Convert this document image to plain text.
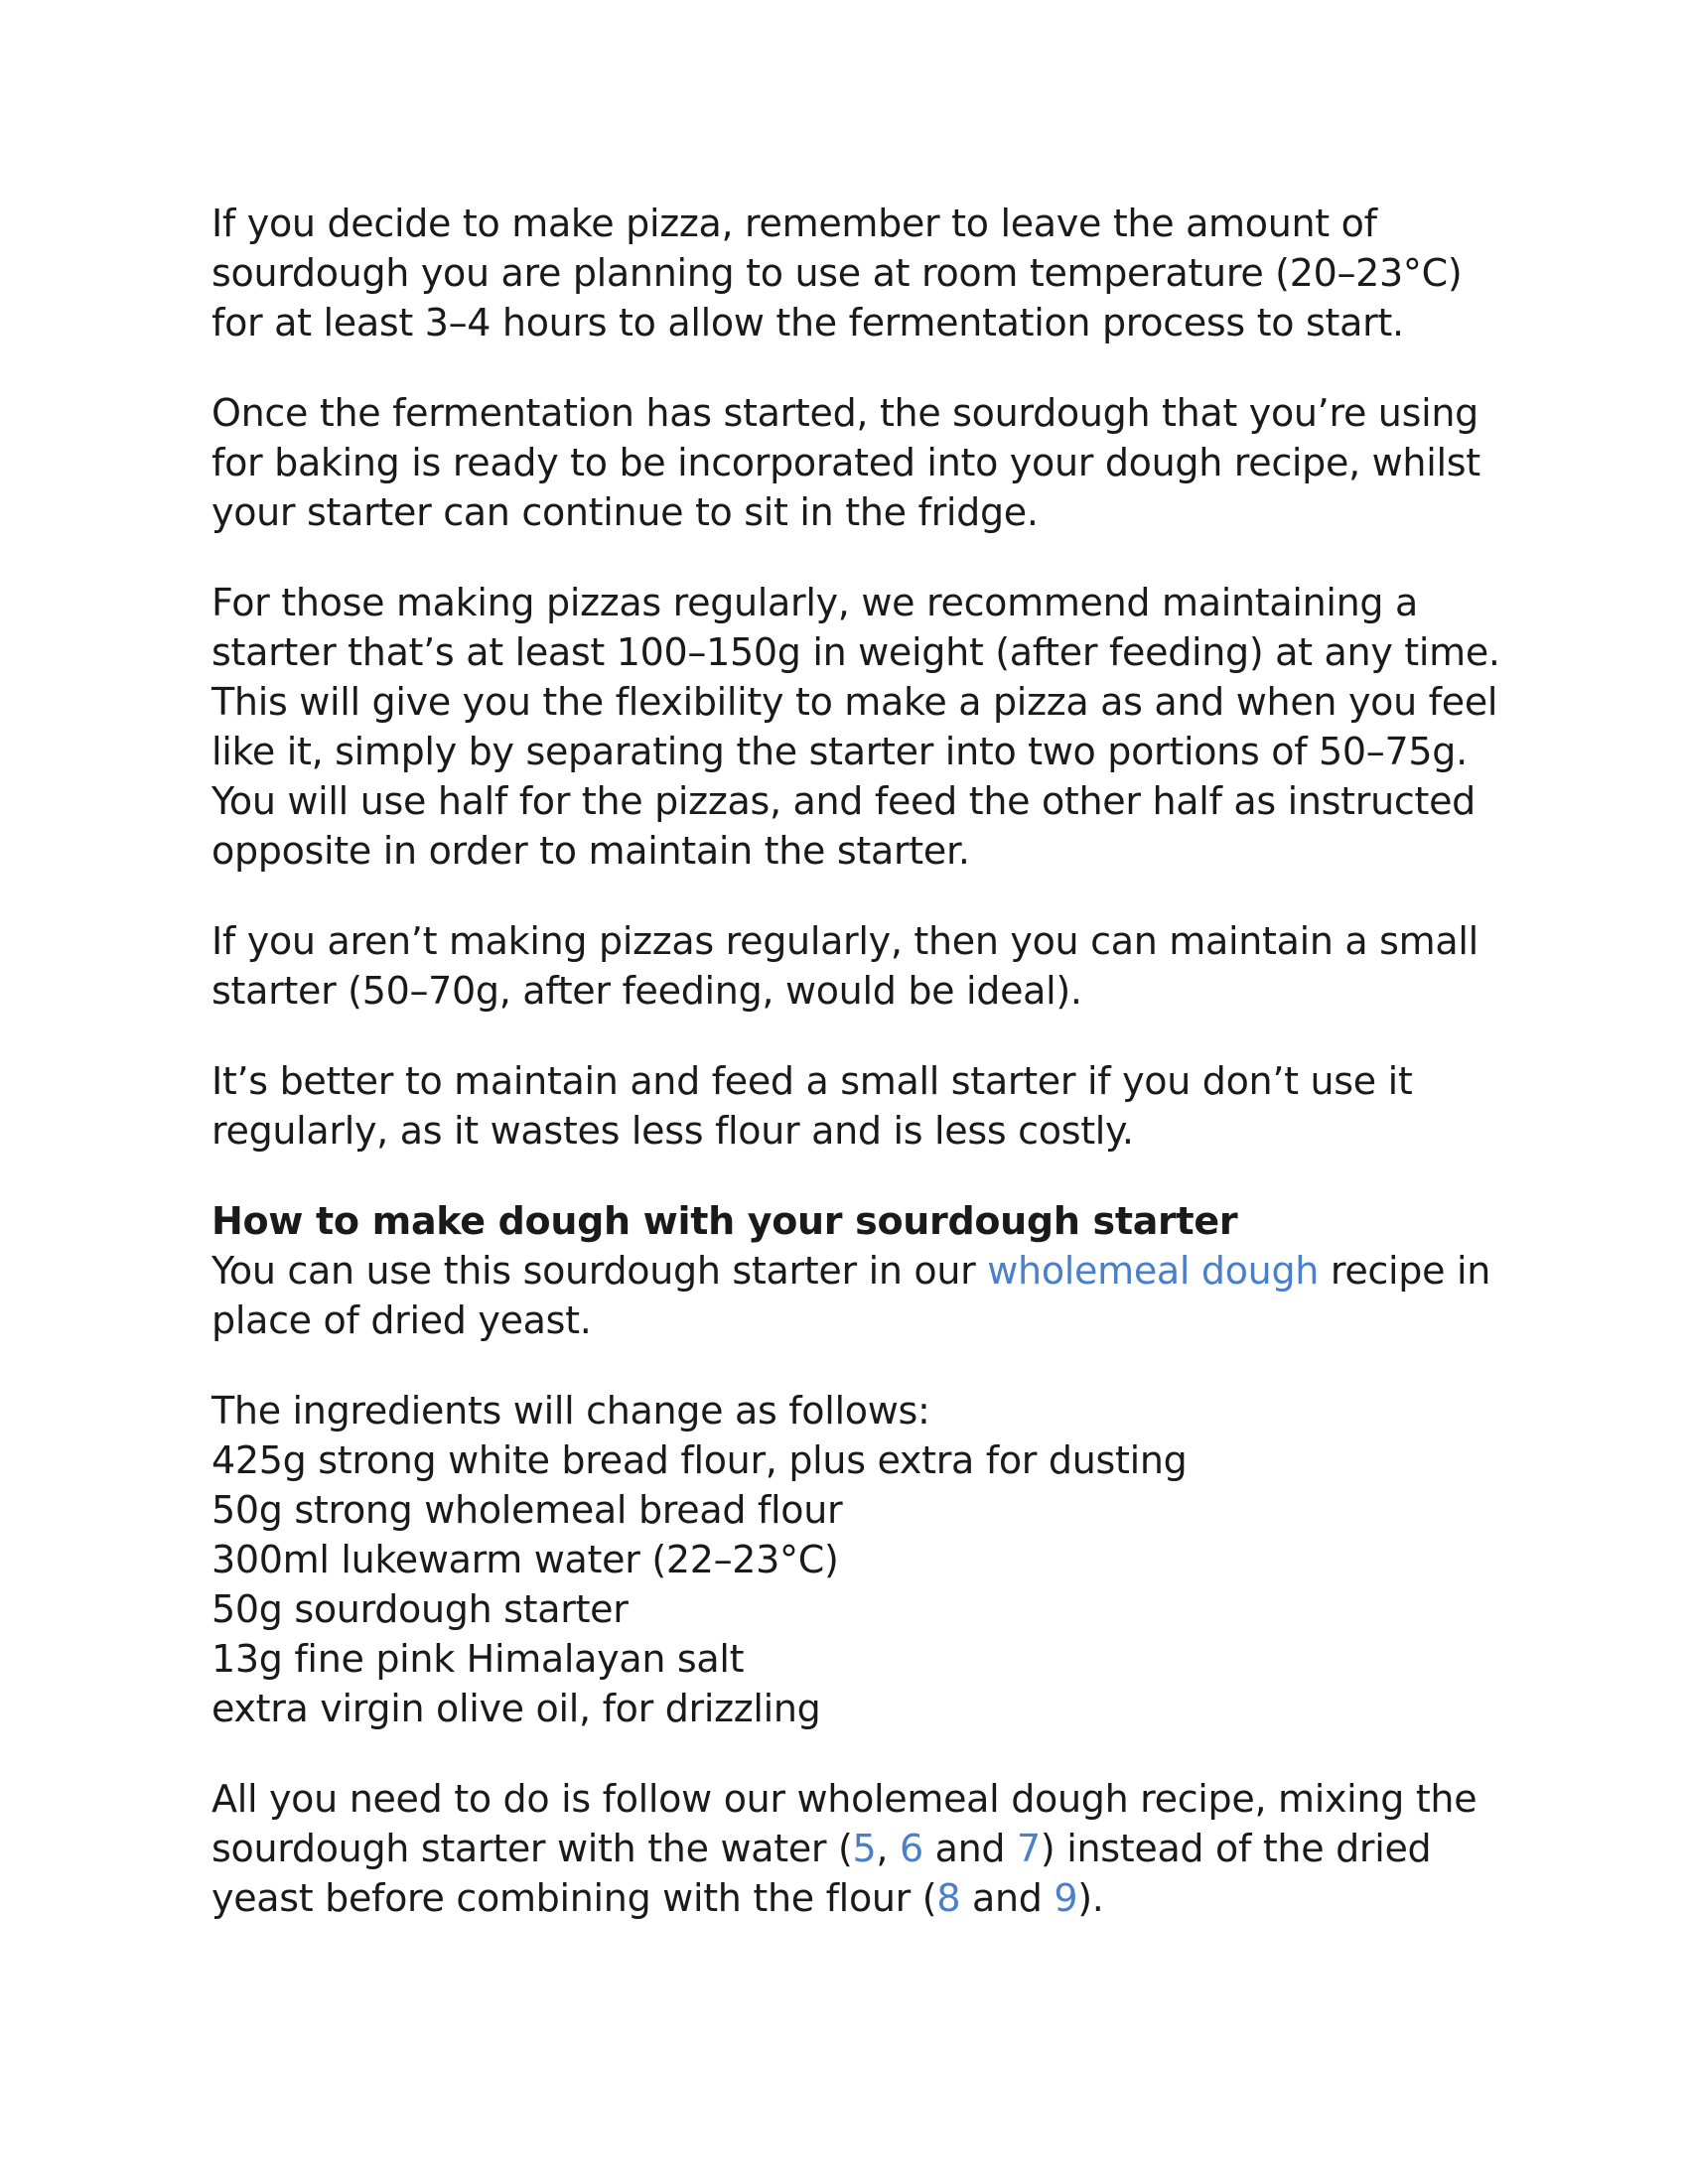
If you decide to make pizza, remember to leave the amount of sourdough you are planning to use at room temperature (20–23°C) for at least 3–4 hours to allow the fermentation process to start.

Once the fermentation has started, the sourdough that you’re using for baking is ready to be incorporated into your dough recipe, whilst your starter can continue to sit in the fridge.

For those making pizzas regularly, we recommend maintaining a starter that’s at least 100–150g in weight (after feeding) at any time. This will give you the flexibility to make a pizza as and when you feel like it, simply by separating the starter into two portions of 50–75g. You will use half for the pizzas, and feed the other half as instructed opposite in order to maintain the starter.

If you aren’t making pizzas regularly, then you can maintain a small starter (50–70g, after feeding, would be ideal).

It’s better to maintain and feed a small starter if you don’t use it regularly, as it wastes less flour and is less costly.

How to make dough with your sourdough starter

You can use this sourdough starter in our wholemeal dough recipe in place of dried yeast.

The ingredients will change as follows:
425g strong white bread flour, plus extra for dusting
50g strong wholemeal bread flour
300ml lukewarm water (22–23°C)
50g sourdough starter
13g fine pink Himalayan salt
extra virgin olive oil, for drizzling

All you need to do is follow our wholemeal dough recipe, mixing the sourdough starter with the water (5, 6 and 7) instead of the dried yeast before combining with the flour (8 and 9).
